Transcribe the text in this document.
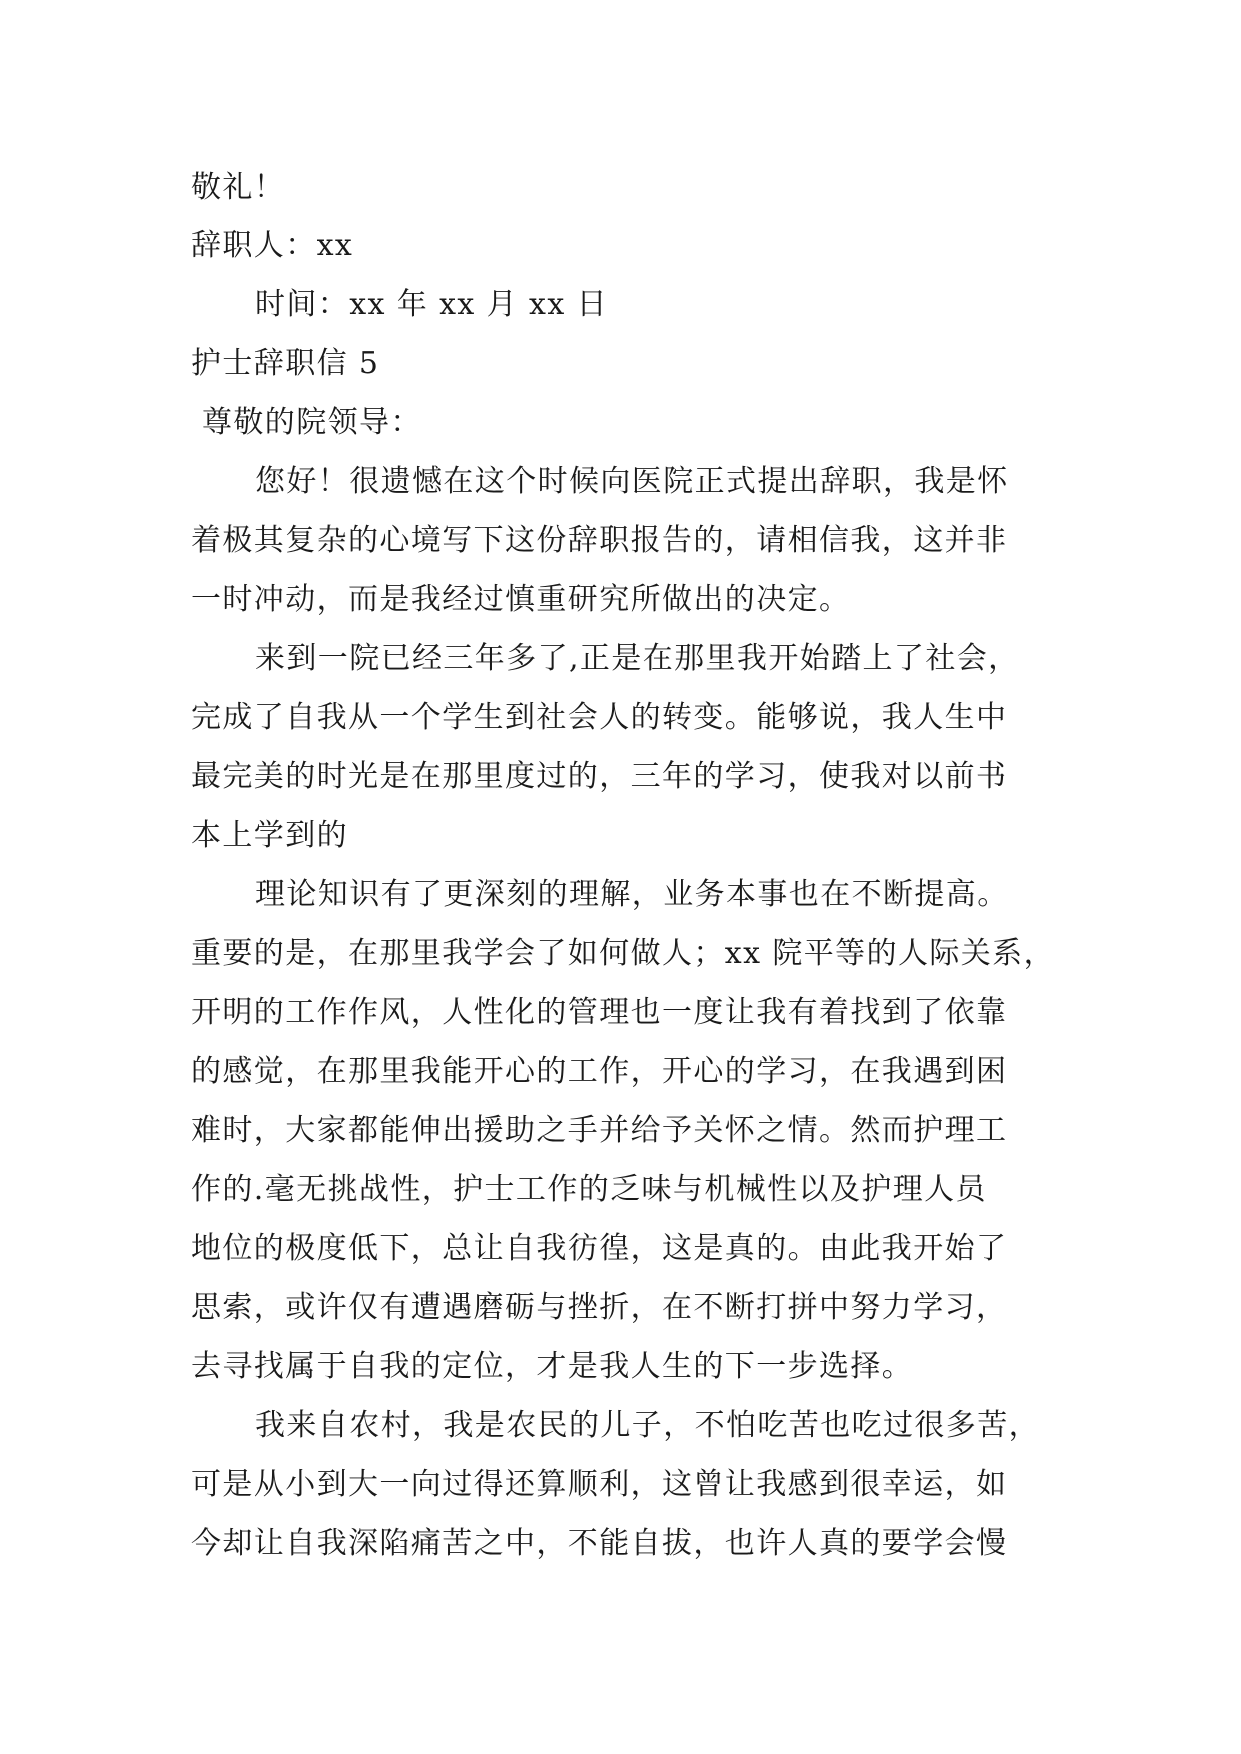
敬礼！
辞职人：xx
时间：xx 年 xx 月 xx 日
护士辞职信 5
尊敬的院领导：
您好！很遗憾在这个时候向医院正式提出辞职，我是怀
着极其复杂的心境写下这份辞职报告的，请相信我，这并非
一时冲动，而是我经过慎重研究所做出的决定。
来到一院已经三年多了,正是在那里我开始踏上了社会，
完成了自我从一个学生到社会人的转变。能够说，我人生中
最完美的时光是在那里度过的，三年的学习，使我对以前书
本上学到的
理论知识有了更深刻的理解，业务本事也在不断提高。
重要的是，在那里我学会了如何做人；xx 院平等的人际关系，
开明的工作作风，人性化的管理也一度让我有着找到了依靠
的感觉，在那里我能开心的工作，开心的学习，在我遇到困
难时，大家都能伸出援助之手并给予关怀之情。然而护理工
作的.毫无挑战性，护士工作的乏味与机械性以及护理人员
地位的极度低下，总让自我彷徨，这是真的。由此我开始了
思索，或许仅有遭遇磨砺与挫折，在不断打拼中努力学习，
去寻找属于自我的定位，才是我人生的下一步选择。
我来自农村，我是农民的儿子，不怕吃苦也吃过很多苦，
可是从小到大一向过得还算顺利，这曾让我感到很幸运，如
今却让自我深陷痛苦之中，不能自拔，也许人真的要学会慢
